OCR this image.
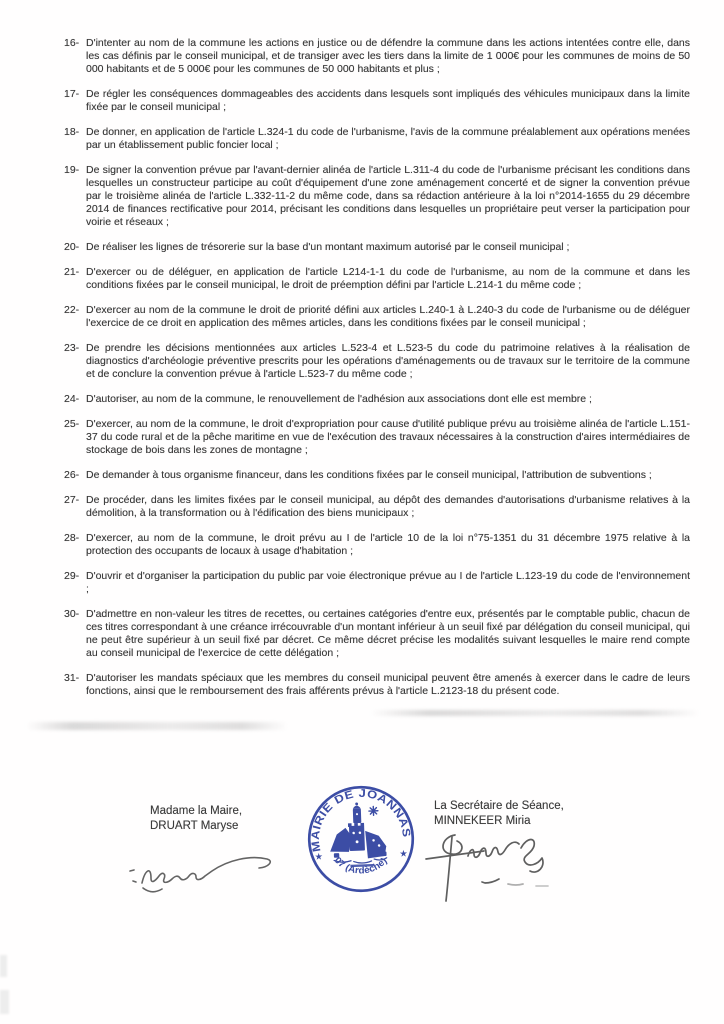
16- D'intenter au nom de la commune les actions en justice ou de défendre la commune dans les actions intentées contre elle, dans les cas définis par le conseil municipal, et de transiger avec les tiers dans la limite de 1 000€ pour les communes de moins de 50 000 habitants et de 5 000€ pour les communes de 50 000 habitants et plus ;
17- De régler les conséquences dommageables des accidents dans lesquels sont impliqués des véhicules municipaux dans la limite fixée par le conseil municipal ;
18- De donner, en application de l'article L.324-1 du code de l'urbanisme, l'avis de la commune préalablement aux opérations menées par un établissement public foncier local ;
19- De signer la convention prévue par l'avant-dernier alinéa de l'article L.311-4 du code de l'urbanisme précisant les conditions dans lesquelles un constructeur participe au coût d'équipement d'une zone aménagement concerté et de signer la convention prévue par le troisième alinéa de l'article L.332-11-2 du même code, dans sa rédaction antérieure à la loi n°2014-1655 du 29 décembre 2014 de finances rectificative pour 2014, précisant les conditions dans lesquelles un propriétaire peut verser la participation pour voirie et réseaux ;
20- De réaliser les lignes de trésorerie sur la base d'un montant maximum autorisé par le conseil municipal ;
21- D'exercer ou de déléguer, en application de l'article L214-1-1 du code de l'urbanisme, au nom de la commune et dans les conditions fixées par le conseil municipal, le droit de préemption défini par l'article L.214-1 du même code ;
22- D'exercer au nom de la commune le droit de priorité défini aux articles L.240-1 à L.240-3 du code de l'urbanisme ou de déléguer l'exercice de ce droit en application des mêmes articles, dans les conditions fixées par le conseil municipal ;
23- De prendre les décisions mentionnées aux articles L.523-4 et L.523-5 du code du patrimoine relatives à la réalisation de diagnostics d'archéologie préventive prescrits pour les opérations d'aménagements ou de travaux sur le territoire de la commune et de conclure la convention prévue à l'article L.523-7 du même code ;
24- D'autoriser, au nom de la commune, le renouvellement de l'adhésion aux associations dont elle est membre ;
25- D'exercer, au nom de la commune, le droit d'expropriation pour cause d'utilité publique prévu au troisième alinéa de l'article L.151-37 du code rural et de la pêche maritime en vue de l'exécution des travaux nécessaires à la construction d'aires intermédiaires de stockage de bois dans les zones de montagne ;
26- De demander à tous organisme financeur, dans les conditions fixées par le conseil municipal, l'attribution de subventions ;
27- De procéder, dans les limites fixées par le conseil municipal, au dépôt des demandes d'autorisations d'urbanisme relatives à la démolition, à la transformation ou à l'édification des biens municipaux ;
28- D'exercer, au nom de la commune, le droit prévu au I de l'article 10 de la loi n°75-1351 du 31 décembre 1975 relative à la protection des occupants de locaux à usage d'habitation ;
29- D'ouvrir et d'organiser la participation du public par voie électronique prévue au I de l'article L.123-19 du code de l'environnement ;
30- D'admettre en non-valeur les titres de recettes, ou certaines catégories d'entre eux, présentés par le comptable public, chacun de ces titres correspondant à une créance irrécouvrable d'un montant inférieur à un seuil fixé par délégation du conseil municipal, qui ne peut être supérieur à un seuil fixé par décret. Ce même décret précise les modalités suivant lesquelles le maire rend compte au conseil municipal de l'exercice de cette délégation ;
31- D'autoriser les mandats spéciaux que les membres du conseil municipal peuvent être amenés à exercer dans le cadre de leurs fonctions, ainsi que le remboursement des frais afférents prévus à l'article L.2123-18 du présent code.
Madame la Maire,
DRUART Maryse
La Secrétaire de Séance,
MINNEKEER Miria
MAIRIE DE JOANNAS
07 (Ardèche)
★	★
